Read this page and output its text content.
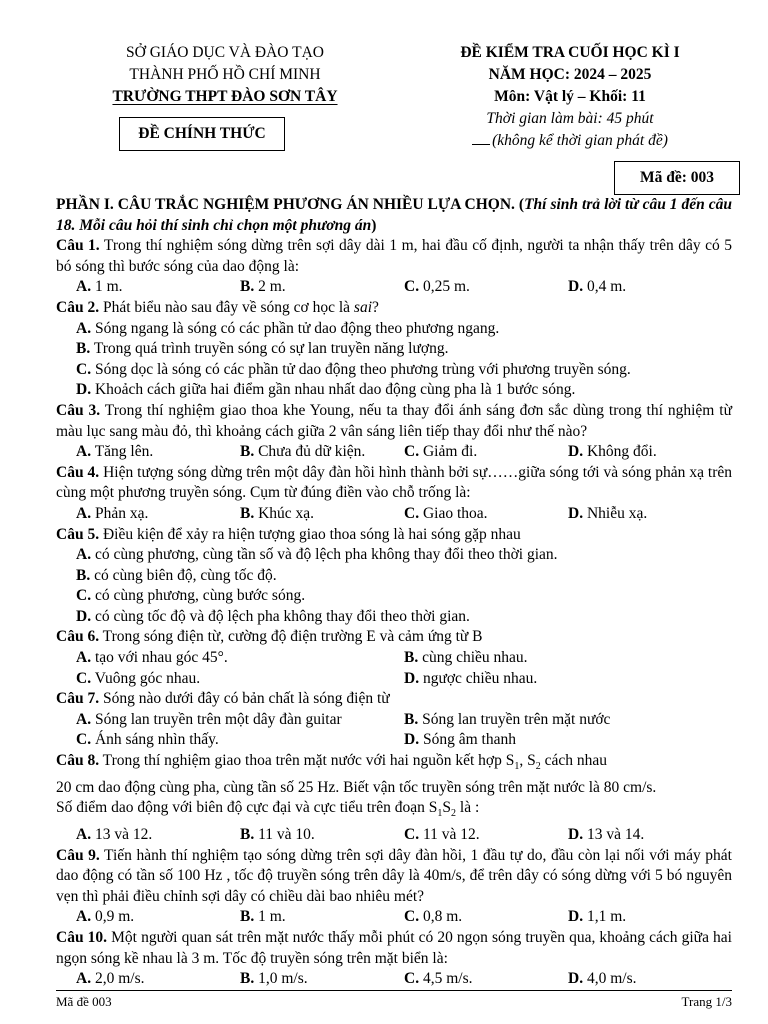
SỞ GIÁO DỤC VÀ ĐÀO TẠO
THÀNH PHỐ HỒ CHÍ MINH
TRƯỜNG THPT ĐÀO SƠN TÂY
ĐỀ CHÍNH THỨC
ĐỀ KIỂM TRA CUỐI HỌC KÌ I
NĂM HỌC: 2024 – 2025
Môn: Vật lý – Khối: 11
Thời gian làm bài: 45 phút
(không kể thời gian phát đề)
Mã đề: 003

PHẦN I. CÂU TRẮC NGHIỆM PHƯƠNG ÁN NHIỀU LỰA CHỌN. (Thí sinh trả lời từ câu 1 đến câu 18. Mỗi câu hỏi thí sinh chỉ chọn một phương án)

Câu 1. Trong thí nghiệm sóng dừng trên sợi dây dài 1 m, hai đầu cố định, người ta nhận thấy trên dây có 5 bó sóng thì bước sóng của dao động là:

A. 1 m.	B. 2 m.	C. 0,25 m.	D. 0,4 m.

Câu 2. Phát biểu nào sau đây về sóng cơ học là sai?

A. Sóng ngang là sóng có các phần tử dao động theo phương ngang.
B. Trong quá trình truyền sóng có sự lan truyền năng lượng.
C. Sóng dọc là sóng có các phần tử dao động theo phương trùng với phương truyền sóng.
D. Khoảch cách giữa hai điểm gần nhau nhất dao động cùng pha là 1 bước sóng.

Câu 3. Trong thí nghiệm giao thoa khe Young, nếu ta thay đổi ánh sáng đơn sắc dùng trong thí nghiệm từ màu lục sang màu đỏ, thì khoảng cách giữa 2 vân sáng liên tiếp thay đổi như thế nào?

A. Tăng lên.	B. Chưa đủ dữ kiện.	C. Giảm đi.	D. Không đổi.

Câu 4. Hiện tượng sóng dừng trên một dây đàn hồi hình thành bởi sự……giữa sóng tới và sóng phản xạ trên cùng một phương truyền sóng. Cụm từ đúng điền vào chỗ trống là:

A. Phản xạ.	B. Khúc xạ.	C. Giao thoa.	D. Nhiễu xạ.

Câu 5. Điều kiện để xảy ra hiện tượng giao thoa sóng là hai sóng gặp nhau

A. có cùng phương, cùng tần số và độ lệch pha không thay đổi theo thời gian.
B. có cùng biên độ, cùng tốc độ.
C. có cùng phương, cùng bước sóng.
D. có cùng tốc độ và độ lệch pha không thay đổi theo thời gian.

Câu 6. Trong sóng điện từ, cường độ điện trường E và cảm ứng từ B

A. tạo với nhau góc 45°.	B. cùng chiều nhau.
C. Vuông góc nhau.	D. ngược chiều nhau.

Câu 7. Sóng nào dưới đây có bản chất là sóng điện từ

A. Sóng lan truyền trên một dây đàn guitar	B. Sóng lan truyền trên mặt nước
C. Ánh sáng nhìn thấy.	D. Sóng âm thanh

Câu 8. Trong thí nghiệm giao thoa trên mặt nước với hai nguồn kết hợp $S_1$, $S_2$ cách nhau

20 cm dao động cùng pha, cùng tần số 25 Hz. Biết vận tốc truyền sóng trên mặt nước là 80 cm/s.

Số điểm dao động với biên độ cực đại và cực tiểu trên đoạn $S_1S_2$ là :

A. 13 và 12.	B. 11 và 10.	C. 11 và 12.	D. 13 và 14.

Câu 9. Tiến hành thí nghiệm tạo sóng dừng trên sợi dây đàn hồi, 1 đầu tự do, đầu còn lại nối với máy phát dao động có tần số 100 Hz , tốc độ truyền sóng trên dây là 40m/s, để trên dây có sóng dừng với 5 bó nguyên vẹn thì phải điều chỉnh sợi dây có chiều dài bao nhiêu mét?

A. 0,9 m.	B. 1 m.	C. 0,8 m.	D. 1,1 m.

Câu 10. Một người quan sát trên mặt nước thấy mỗi phút có 20 ngọn sóng truyền qua, khoảng cách giữa hai ngọn sóng kề nhau là 3 m. Tốc độ truyền sóng trên mặt biển là:

A. 2,0 m/s.	B. 1,0 m/s.	C. 4,5 m/s.	D. 4,0 m/s.
Mã đề 003	Trang 1/3
